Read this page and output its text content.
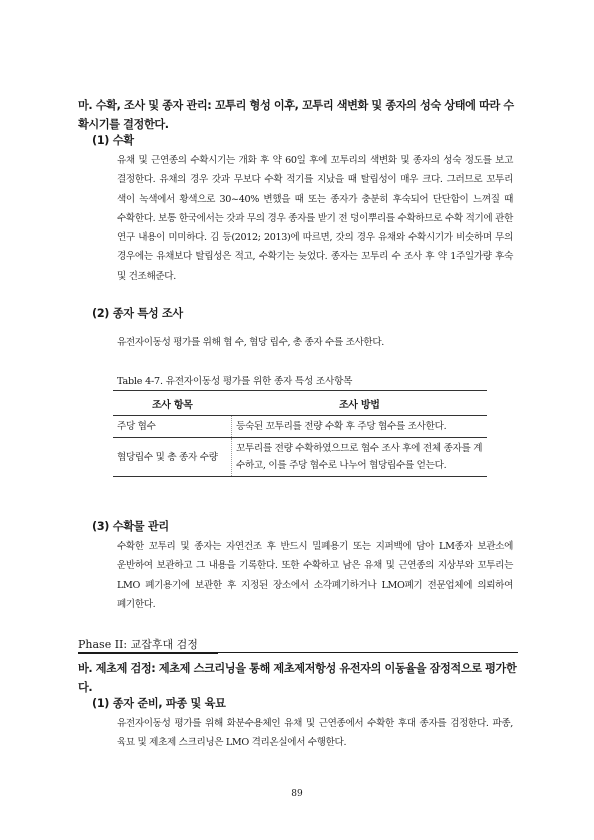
마. 수확, 조사 및 종자 관리: 꼬투리 형성 이후, 꼬투리 색변화 및 종자의 성숙 상태에 따라 수확시기를 결정한다.

(1) 수확

유채 및 근연종의 수확시기는 개화 후 약 60일 후에 꼬투리의 색변화 및 종자의 성숙 정도를 보고 결정한다. 유채의 경우 갓과 무보다 수확 적기를 지났을 때 탈립성이 매우 크다. 그러므로 꼬투리 색이 녹색에서 황색으로 30~40% 변했을 때 또는 종자가 충분히 후숙되어 단단함이 느껴질 때 수확한다. 보통 한국에서는 갓과 무의 경우 종자를 받기 전 덩이뿌리를 수확하므로 수확 적기에 관한 연구 내용이 미미하다. 김 등(2012; 2013)에 따르면, 갓의 경우 유채와 수확시기가 비슷하며 무의 경우에는 유채보다 탈립성은 적고, 수확기는 늦었다. 종자는 꼬투리 수 조사 후 약 1주일가량 후숙 및 건조해준다.

(2) 종자 특성 조사

유전자이동성 평가를 위해 협 수, 협당 립수, 총 종자 수를 조사한다.

Table 4-7. 유전자이동성 평가를 위한 종자 특성 조사항목

조사 항목	조사 방법
주당 협수	등숙된 꼬투리를 전량 수확 후 주당 협수를 조사한다.
협당립수 및 총 종자 수량	꼬투리를 전량 수확하였으므로 협수 조사 후에 전체 종자를 계수하고, 이를 주당 협수로 나누어 협당립수를 얻는다.

(3) 수확물 관리

수확한 꼬투리 및 종자는 자연건조 후 반드시 밀폐용기 또는 지퍼백에 담아 LM종자 보관소에 운반하여 보관하고 그 내용을 기록한다. 또한 수확하고 남은 유채 및 근연종의 지상부와 꼬투리는 LMO 폐기용기에 보관한 후 지정된 장소에서 소각폐기하거나 LMO폐기 전문업체에 의뢰하여 폐기한다.

Phase II: 교잡후대 검정

바. 제초제 검정: 제초제 스크리닝을 통해 제초제저항성 유전자의 이동율을 잠정적으로 평가한다.

(1) 종자 준비, 파종 및 육묘

유전자이동성 평가를 위해 화분수용체인 유채 및 근연종에서 수확한 후대 종자를 검정한다. 파종, 육묘 및 제초제 스크리닝은 LMO 격리온실에서 수행한다.

89
